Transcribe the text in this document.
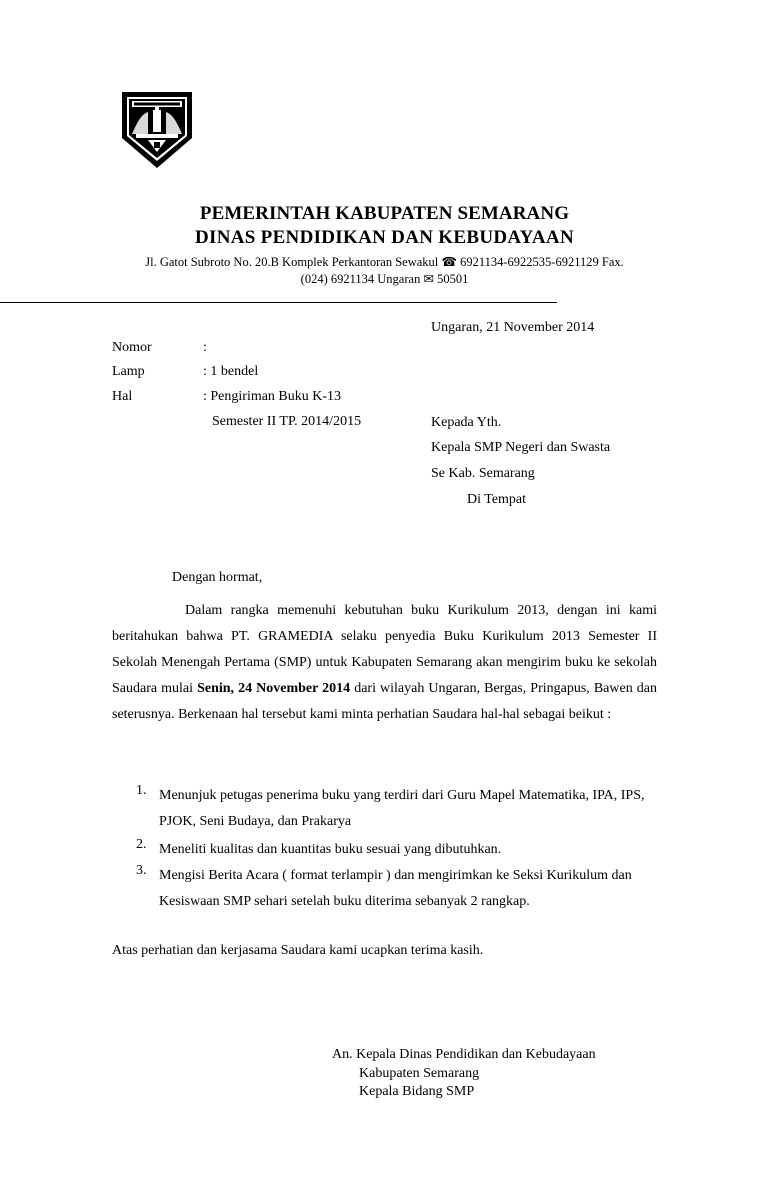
PEMERINTAH KABUPATEN SEMARANG
DINAS PENDIDIKAN DAN KEBUDAYAAN
Jl. Gatot Subroto No. 20.B Komplek Perkantoran Sewakul ☎ 6921134-6922535-6921129 Fax.
(024) 6921134 Ungaran ✉ 50501
Ungaran, 21 November 2014
Nomor	:
Lamp	: 1 bendel
Hal	: Pengiriman Buku K-13
Semester II TP. 2014/2015	Kepada Yth.
Kepala SMP Negeri dan Swasta
Se Kab. Semarang
Di Tempat
Dengan hormat,
Dalam rangka memenuhi kebutuhan buku Kurikulum 2013, dengan ini kami beritahukan bahwa PT. GRAMEDIA selaku penyedia Buku Kurikulum 2013 Semester II Sekolah Menengah Pertama (SMP) untuk Kabupaten Semarang akan mengirim buku ke sekolah Saudara mulai Senin, 24 November 2014 dari wilayah Ungaran, Bergas, Pringapus, Bawen dan seterusnya. Berkenaan hal tersebut kami minta perhatian Saudara hal-hal sebagai beikut :
1. Menunjuk petugas penerima buku yang terdiri dari Guru Mapel Matematika, IPA, IPS, PJOK, Seni Budaya, dan Prakarya
2. Meneliti kualitas dan kuantitas buku sesuai yang dibutuhkan.
3. Mengisi Berita Acara ( format terlampir ) dan mengirimkan ke Seksi Kurikulum dan Kesiswaan SMP sehari setelah buku diterima sebanyak 2 rangkap.
Atas perhatian dan kerjasama Saudara kami ucapkan terima kasih.
An. Kepala Dinas Pendidikan dan Kebudayaan
Kabupaten Semarang
Kepala Bidang SMP
